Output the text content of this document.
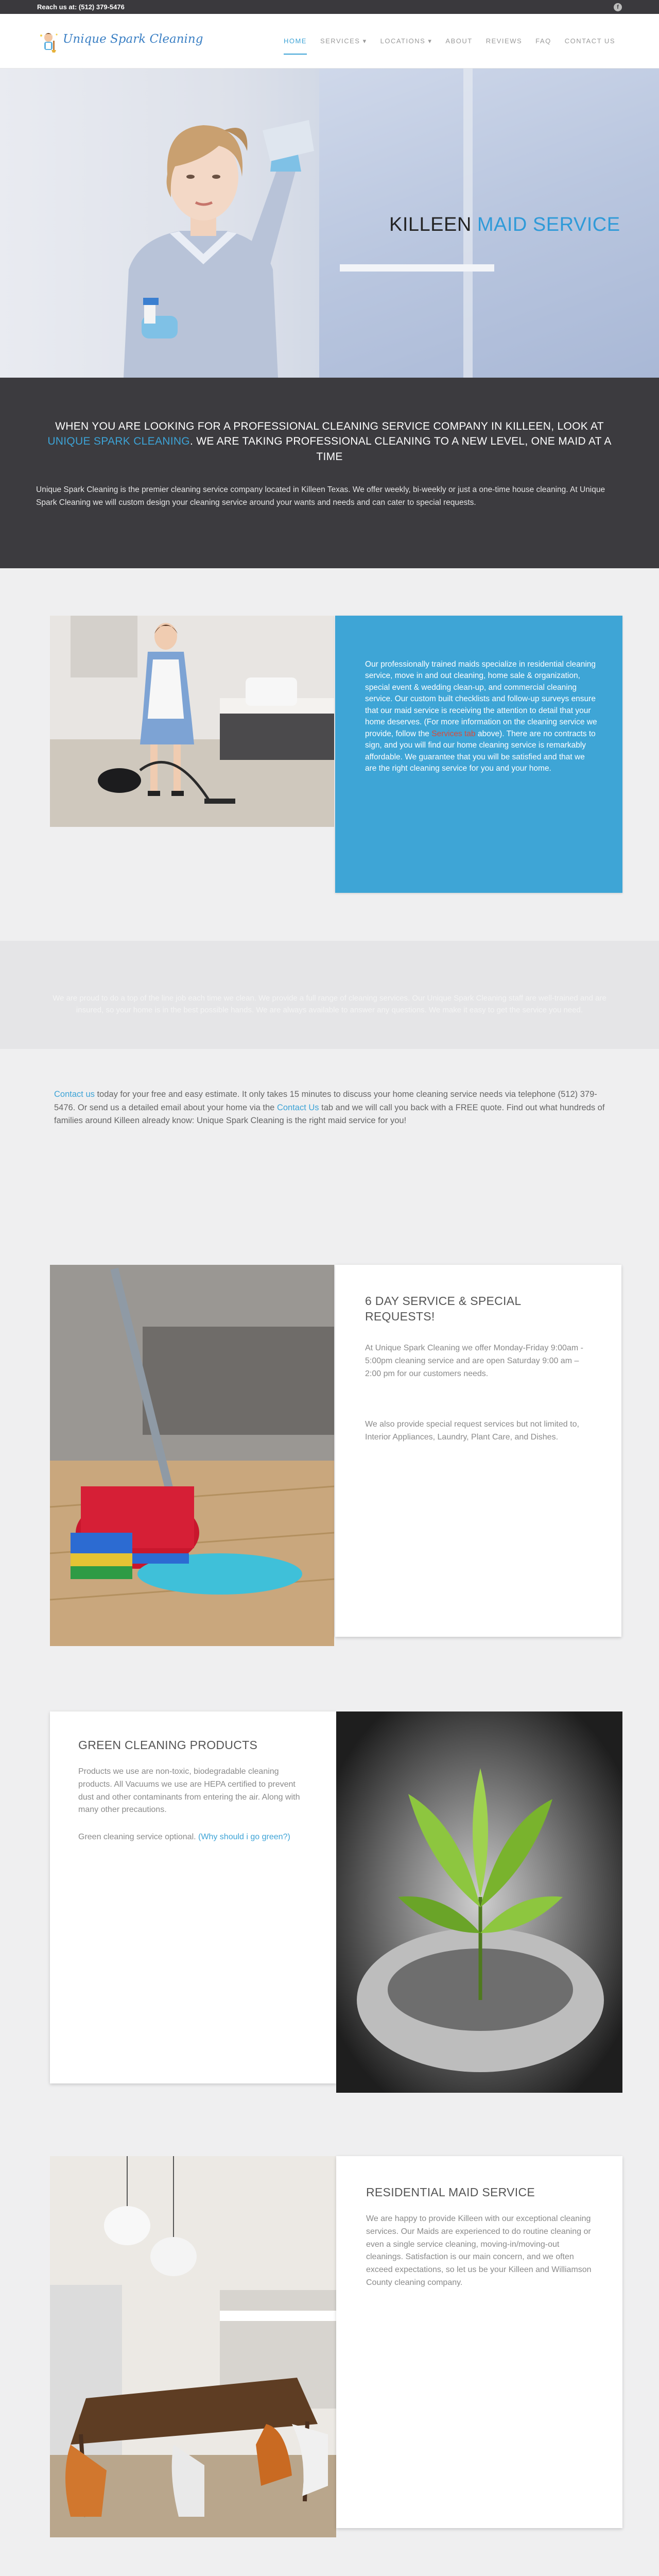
Reach us at: (512) 379-5476	f
Unique Spark Cleaning	HOME	SERVICES ▾	LOCATIONS ▾	ABOUT	REVIEWS	FAQ	CONTACT US
KILLEEN MAID SERVICE
WHEN YOU ARE LOOKING FOR A PROFESSIONAL CLEANING SERVICE COMPANY IN KILLEEN, LOOK AT UNIQUE SPARK CLEANING. WE ARE TAKING PROFESSIONAL CLEANING TO A NEW LEVEL, ONE MAID AT A TIME

Unique Spark Cleaning is the premier cleaning service company located in Killeen Texas. We offer weekly, bi-weekly or just a one-time house cleaning. At Unique Spark Cleaning we will custom design your cleaning service around your wants and needs and can cater to special requests.

Our professionally trained maids specialize in residential cleaning service, move in and out cleaning, home sale & organization, special event & wedding clean-up, and commercial cleaning service. Our custom built checklists and follow-up surveys ensure that our maid service is receiving the attention to detail that your home deserves. (For more information on the cleaning service we provide, follow the Services tab above). There are no contracts to sign, and you will find our home cleaning service is remarkably affordable. We guarantee that you will be satisfied and that we are the right cleaning service for you and your home.

We are proud to do a top of the line job each time we clean. We provide a full range of cleaning services. Our Unique Spark Cleaning staff are well-trained and are insured, so your home is in the best possible hands. We are always available to answer any questions. We make it easy to get the service you need.

Contact us today for your free and easy estimate. It only takes 15 minutes to discuss your home cleaning service needs via telephone (512) 379-5476. Or send us a detailed email about your home via the Contact Us tab and we will call you back with a FREE quote. Find out what hundreds of families around Killeen already know: Unique Spark Cleaning is the right maid service for you!

6 DAY SERVICE & SPECIAL REQUESTS!

At Unique Spark Cleaning we offer Monday-Friday 9:00am - 5:00pm cleaning service and are open Saturday 9:00 am – 2:00 pm for our customers needs.

We also provide special request services but not limited to, Interior Appliances, Laundry, Plant Care, and Dishes.

GREEN CLEANING PRODUCTS

Products we use are non-toxic, biodegradable cleaning products. All Vacuums we use are HEPA certified to prevent dust and other contaminants from entering the air. Along with many other precautions.

Green cleaning service optional. (Why should i go green?)

RESIDENTIAL MAID SERVICE

We are happy to provide Killeen with our exceptional cleaning services. Our Maids are experienced to do routine cleaning or even a single service cleaning, moving-in/moving-out cleanings. Satisfaction is our main concern, and we often exceed expectations, so let us be your Killeen and Williamson County cleaning company.
